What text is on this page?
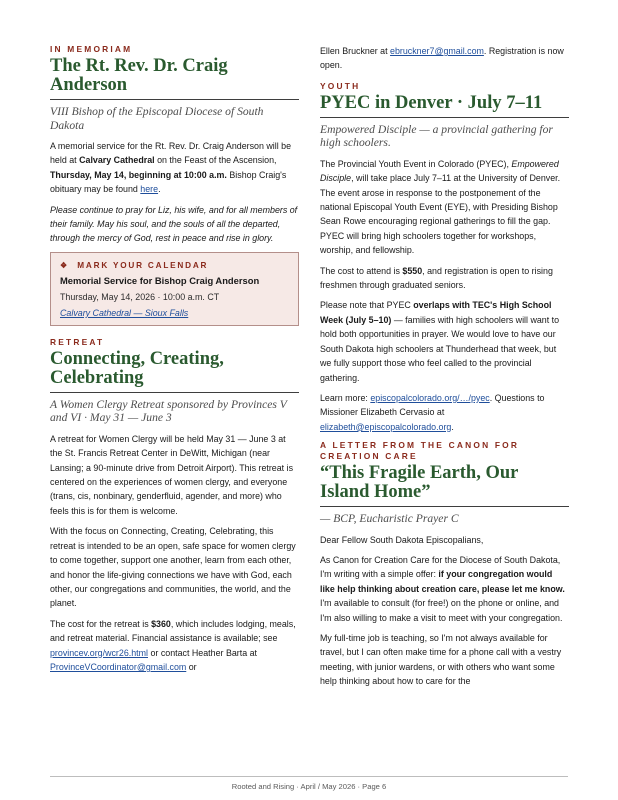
IN MEMORIAM

The Rt. Rev. Dr. Craig Anderson
VIII Bishop of the Episcopal Diocese of South Dakota

A memorial service for the Rt. Rev. Dr. Craig Anderson will be held at Calvary Cathedral on the Feast of the Ascension, Thursday, May 14, beginning at 10:00 a.m. Bishop Craig's obituary may be found here.

Please continue to pray for Liz, his wife, and for all members of their family. May his soul, and the souls of all the departed, through the mercy of God, rest in peace and rise in glory.

❖ MARK YOUR CALENDAR

Memorial Service for Bishop Craig Anderson

Thursday, May 14, 2026 · 10:00 a.m. CT

Calvary Cathedral — Sioux Falls

RETREAT

Connecting, Creating, Celebrating
A Women Clergy Retreat sponsored by Provinces V and VI · May 31 — June 3

A retreat for Women Clergy will be held May 31 — June 3 at the St. Francis Retreat Center in DeWitt, Michigan (near Lansing; a 90-minute drive from Detroit Airport). This retreat is centered on the experiences of women clergy, and everyone (trans, cis, nonbinary, genderfluid, agender, and more) who feels this is for them is welcome.

With the focus on Connecting, Creating, Celebrating, this retreat is intended to be an open, safe space for women clergy to come together, support one another, learn from each other, and honor the life-giving connections we have with God, each other, our congregations and communities, the world, and the planet.

The cost for the retreat is $360, which includes lodging, meals, and retreat material. Financial assistance is available; see provincev.org/wcr26.html or contact Heather Barta at ProvinceVCoordinator@gmail.com or

Ellen Bruckner at ebruckner7@gmail.com. Registration is now open.

YOUTH

PYEC in Denver · July 7–11
Empowered Disciple — a provincial gathering for high schoolers.

The Provincial Youth Event in Colorado (PYEC), Empowered Disciple, will take place July 7–11 at the University of Denver. The event arose in response to the postponement of the national Episcopal Youth Event (EYE), with Presiding Bishop Sean Rowe encouraging regional gatherings to fill the gap. PYEC will bring high schoolers together for workshops, worship, and fellowship.

The cost to attend is $550, and registration is open to rising freshmen through graduated seniors.

Please note that PYEC overlaps with TEC's High School Week (July 5–10) — families with high schoolers will want to hold both opportunities in prayer. We would love to have our South Dakota high schoolers at Thunderhead that week, but we fully support those who feel called to the provincial gathering.

Learn more: episcopalcolorado.org/…/pyec. Questions to Missioner Elizabeth Cervasio at elizabeth@episcopalcolorado.org.

A LETTER FROM THE CANON FOR CREATION CARE

“This Fragile Earth, Our Island Home”
— BCP, Eucharistic Prayer C

Dear Fellow South Dakota Episcopalians,

As Canon for Creation Care for the Diocese of South Dakota, I'm writing with a simple offer: if your congregation would like help thinking about creation care, please let me know. I'm available to consult (for free!) on the phone or online, and I'm also willing to make a visit to meet with your congregation.

My full-time job is teaching, so I'm not always available for travel, but I can often make time for a phone call with a vestry meeting, with junior wardens, or with others who want some help thinking about how to care for the

Rooted and Rising · April / May 2026 · Page 6
